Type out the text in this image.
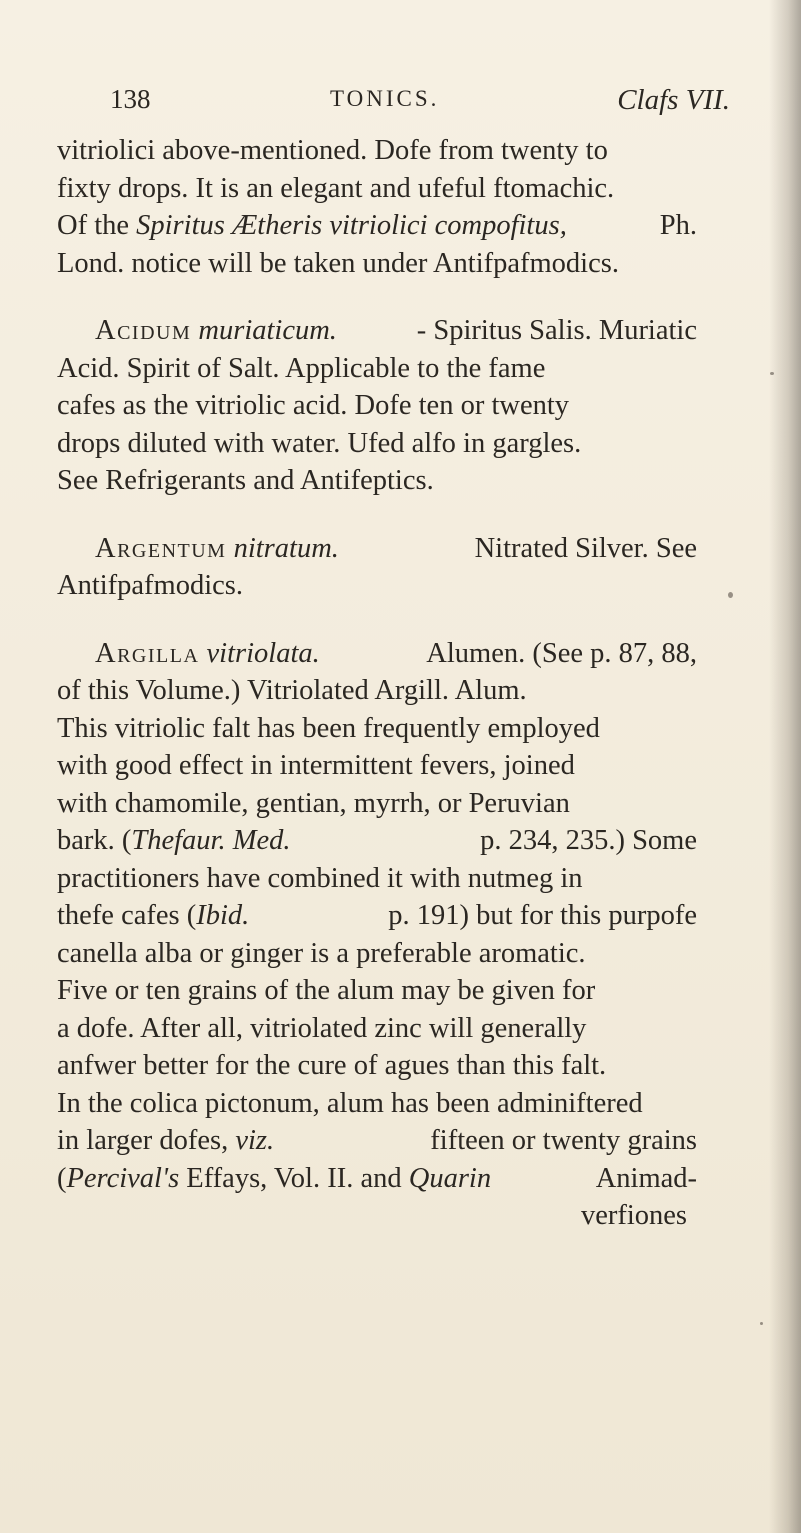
138	TONICS.	Clafs VII.
vitriolici above-mentioned. Dofe from twenty to
fixty drops. It is an elegant and ufeful ftomachic.
Of the Spiritus Ætheris vitriolici compofitus,	Ph.
Lond. notice will be taken under Antifpafmodics.
Acidum muriaticum.	- Spiritus Salis. Muriatic
Acid. Spirit of Salt. Applicable to the fame
cafes as the vitriolic acid. Dofe ten or twenty
drops diluted with water. Ufed alfo in gargles.
See Refrigerants and Antifeptics.
Argentum nitratum.	Nitrated Silver. See
Antifpafmodics.
Argilla vitriolata.	Alumen. (See p. 87, 88,
of this Volume.) Vitriolated Argill. Alum.
This vitriolic falt has been frequently employed
with good effect in intermittent fevers, joined
with chamomile, gentian, myrrh, or Peruvian
bark. (Thefaur. Med.	p. 234, 235.) Some
practitioners have combined it with nutmeg in
thefe cafes (Ibid.	p. 191) but for this purpofe
canella alba or ginger is a preferable aromatic.
Five or ten grains of the alum may be given for
a dofe. After all, vitriolated zinc will generally
anfwer better for the cure of agues than this falt.
In the colica pictonum, alum has been adminiftered
in larger dofes, viz.	fifteen or twenty grains
(Percival's Effays, Vol. II. and Quarin	Animad-
verfiones
